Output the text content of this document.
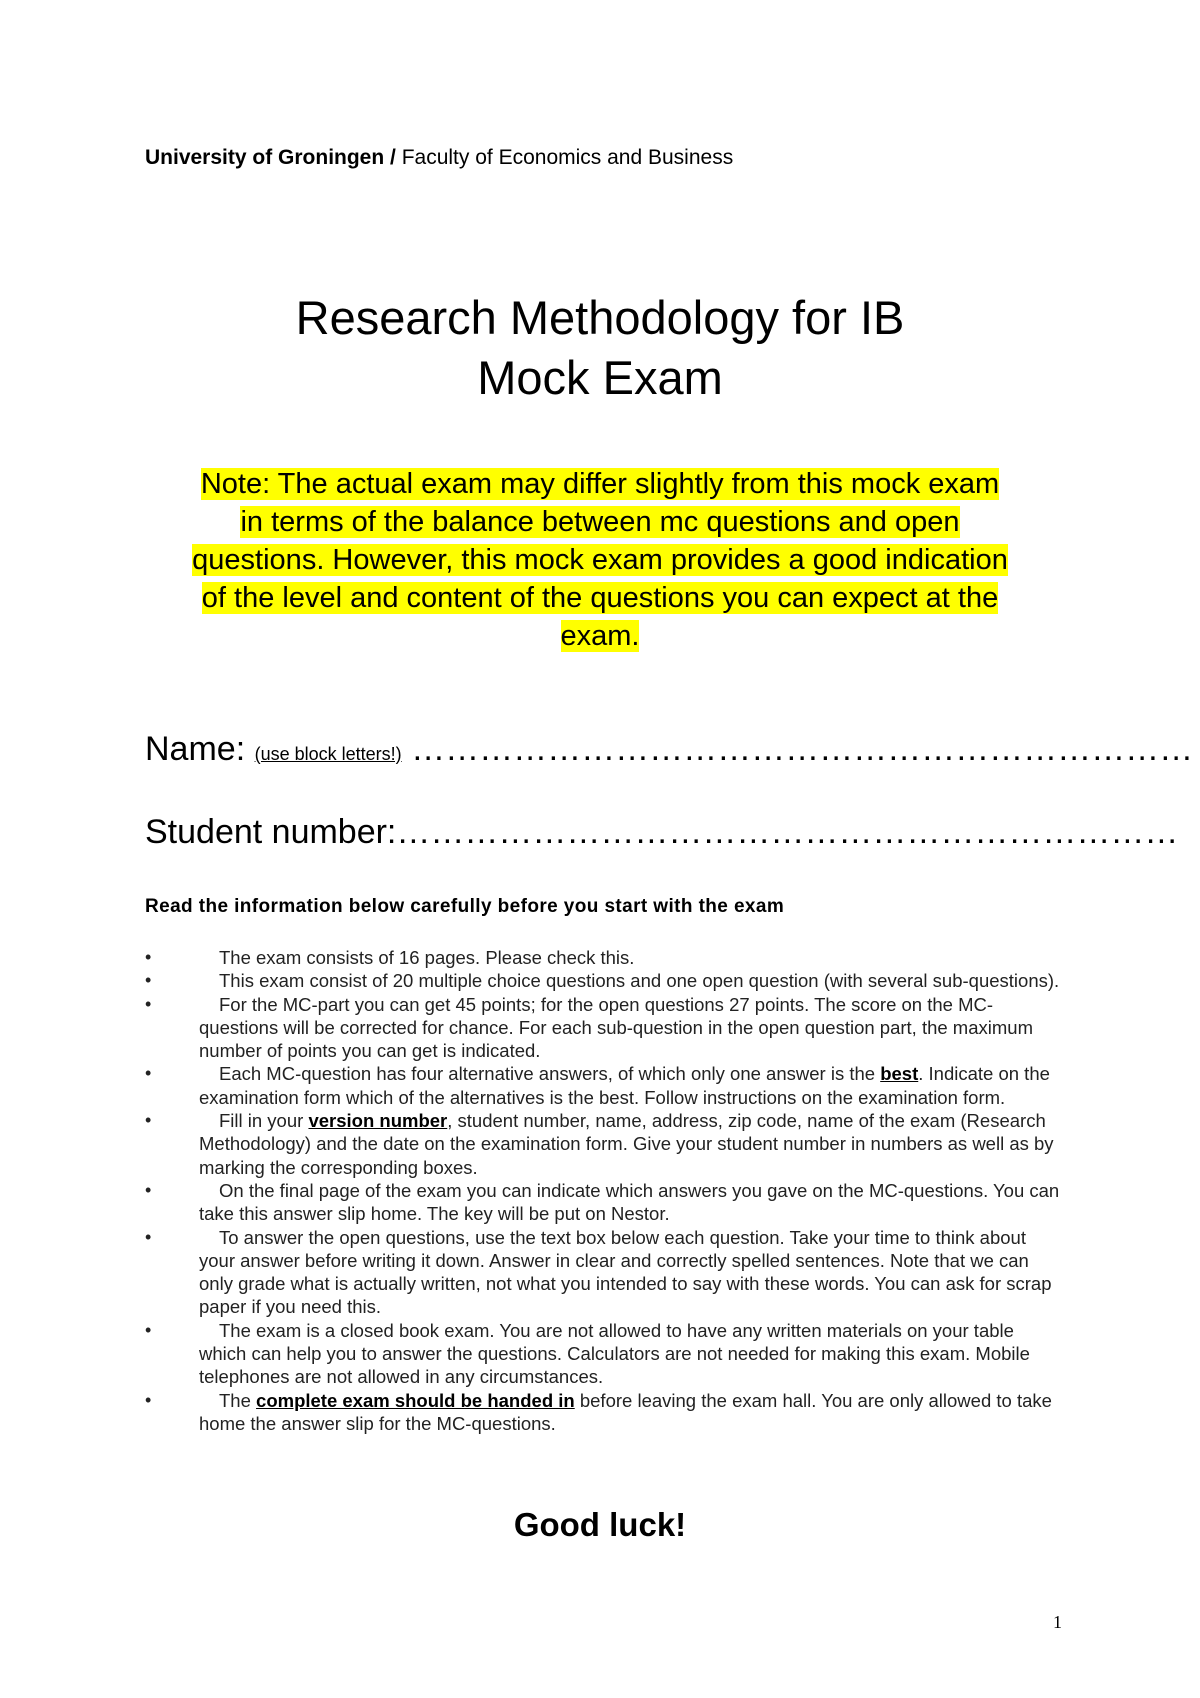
University of Groningen / Faculty of Economics and Business
Research Methodology for IB
Mock Exam
Note: The actual exam may differ slightly from this mock exam
in terms of the balance between mc questions and open
questions. However, this mock exam provides a good indication
of the level and content of the questions you can expect at the
exam.
Name: (use block letters!) ……………………………………………………………
Student number:……………………………………………………………
Read the information below carefully before you start with the exam
•	The exam consists of 16 pages. Please check this.
•	This exam consist of 20 multiple choice questions and one open question (with several sub-questions).
•	For the MC-part you can get 45 points; for the open questions 27 points. The score on the MC-questions will be corrected for chance. For each sub-question in the open question part, the maximum number of points you can get is indicated.
•	Each MC-question has four alternative answers, of which only one answer is the best. Indicate on the examination form which of the alternatives is the best. Follow instructions on the examination form.
•	Fill in your version number, student number, name, address, zip code, name of the exam (Research Methodology) and the date on the examination form. Give your student number in numbers as well as by marking the corresponding boxes.
•	On the final page of the exam you can indicate which answers you gave on the MC-questions. You can take this answer slip home. The key will be put on Nestor.
•	To answer the open questions, use the text box below each question. Take your time to think about your answer before writing it down. Answer in clear and correctly spelled sentences. Note that we can only grade what is actually written, not what you intended to say with these words. You can ask for scrap paper if you need this.
•	The exam is a closed book exam. You are not allowed to have any written materials on your table which can help you to answer the questions. Calculators are not needed for making this exam. Mobile telephones are not allowed in any circumstances.
•	The complete exam should be handed in before leaving the exam hall. You are only allowed to take home the answer slip for the MC-questions.
Good luck!
1
